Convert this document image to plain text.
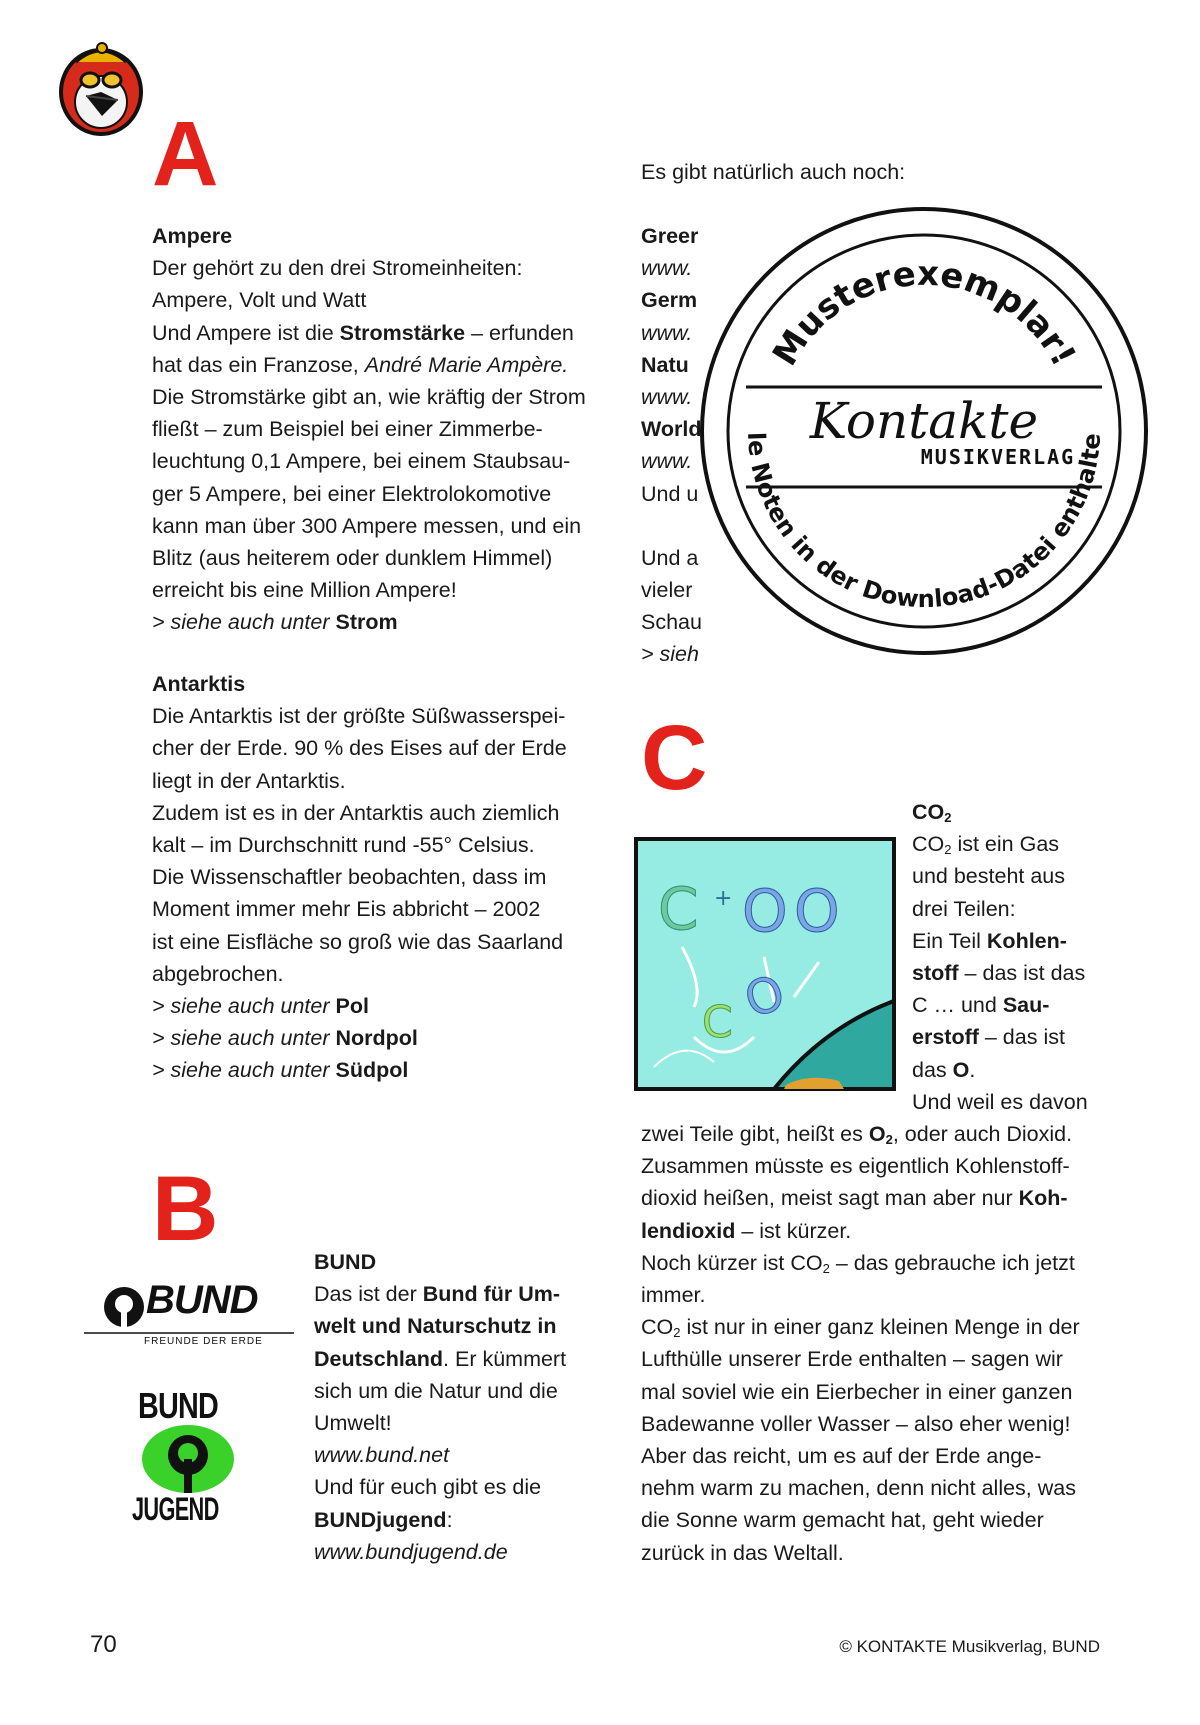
A

Ampere

Der gehört zu den drei Stromeinheiten:

Ampere, Volt und Watt

Und Ampere ist die Stromstärke – erfunden

hat das ein Franzose, André Marie Ampère.

Die Stromstärke gibt an, wie kräftig der Strom

fließt – zum Beispiel bei einer Zimmerbe-

leuchtung 0,1 Ampere, bei einem Staubsau-

ger 5 Ampere, bei einer Elektrolokomotive

kann man über 300 Ampere messen, und ein

Blitz (aus heiterem oder dunklem Himmel)

erreicht bis eine Million Ampere!

> siehe auch unter Strom

Antarktis

Die Antarktis ist der größte Süßwasserspei-

cher der Erde. 90 % des Eises auf der Erde

liegt in der Antarktis.

Zudem ist es in der Antarktis auch ziemlich

kalt – im Durchschnitt rund -55° Celsius.

Die Wissenschaftler beobachten, dass im

Moment immer mehr Eis abbricht – 2002

ist eine Eisfläche so groß wie das Saarland

abgebrochen.

> siehe auch unter Pol

> siehe auch unter Nordpol

> siehe auch unter Südpol

B
BUND
FREUNDE DER ERDE
BUND
JUGEND

BUND

Das ist der Bund für Um-

welt und Naturschutz in

Deutschland. Er kümmert

sich um die Natur und die

Umwelt!

www.bund.net

Und für euch gibt es die

BUNDjugend:

www.bundjugend.de

Es gibt natürlich auch noch:

Greer

www.

Germ

www.

Natu

www.

World

www.

Und u

Und a

vieler

Schau

> sieh

Musterexemplar!
le Noten in der Download-Datei enthalte
Kontakte
MUSIKVERLAG
C
C + O O
O
C

$CO_2$

$CO_2$ ist ein Gas

und besteht aus

drei Teilen:

Ein Teil Kohlen-

stoff – das ist das

C … und Sau-

erstoff – das ist

das O.

Und weil es davon

zwei Teile gibt, heißt es $O_2$, oder auch Dioxid.

Zusammen müsste es eigentlich Kohlenstoff-

dioxid heißen, meist sagt man aber nur Koh-

lendioxid – ist kürzer.

Noch kürzer ist $CO_2$ – das gebrauche ich jetzt

immer.

$CO_2$ ist nur in einer ganz kleinen Menge in der

Lufthülle unserer Erde enthalten – sagen wir

mal soviel wie ein Eierbecher in einer ganzen

Badewanne voller Wasser – also eher wenig!

Aber das reicht, um es auf der Erde ange-

nehm warm zu machen, denn nicht alles, was

die Sonne warm gemacht hat, geht wieder

zurück in das Weltall.

70	© KONTAKTE Musikverlag, BUND
